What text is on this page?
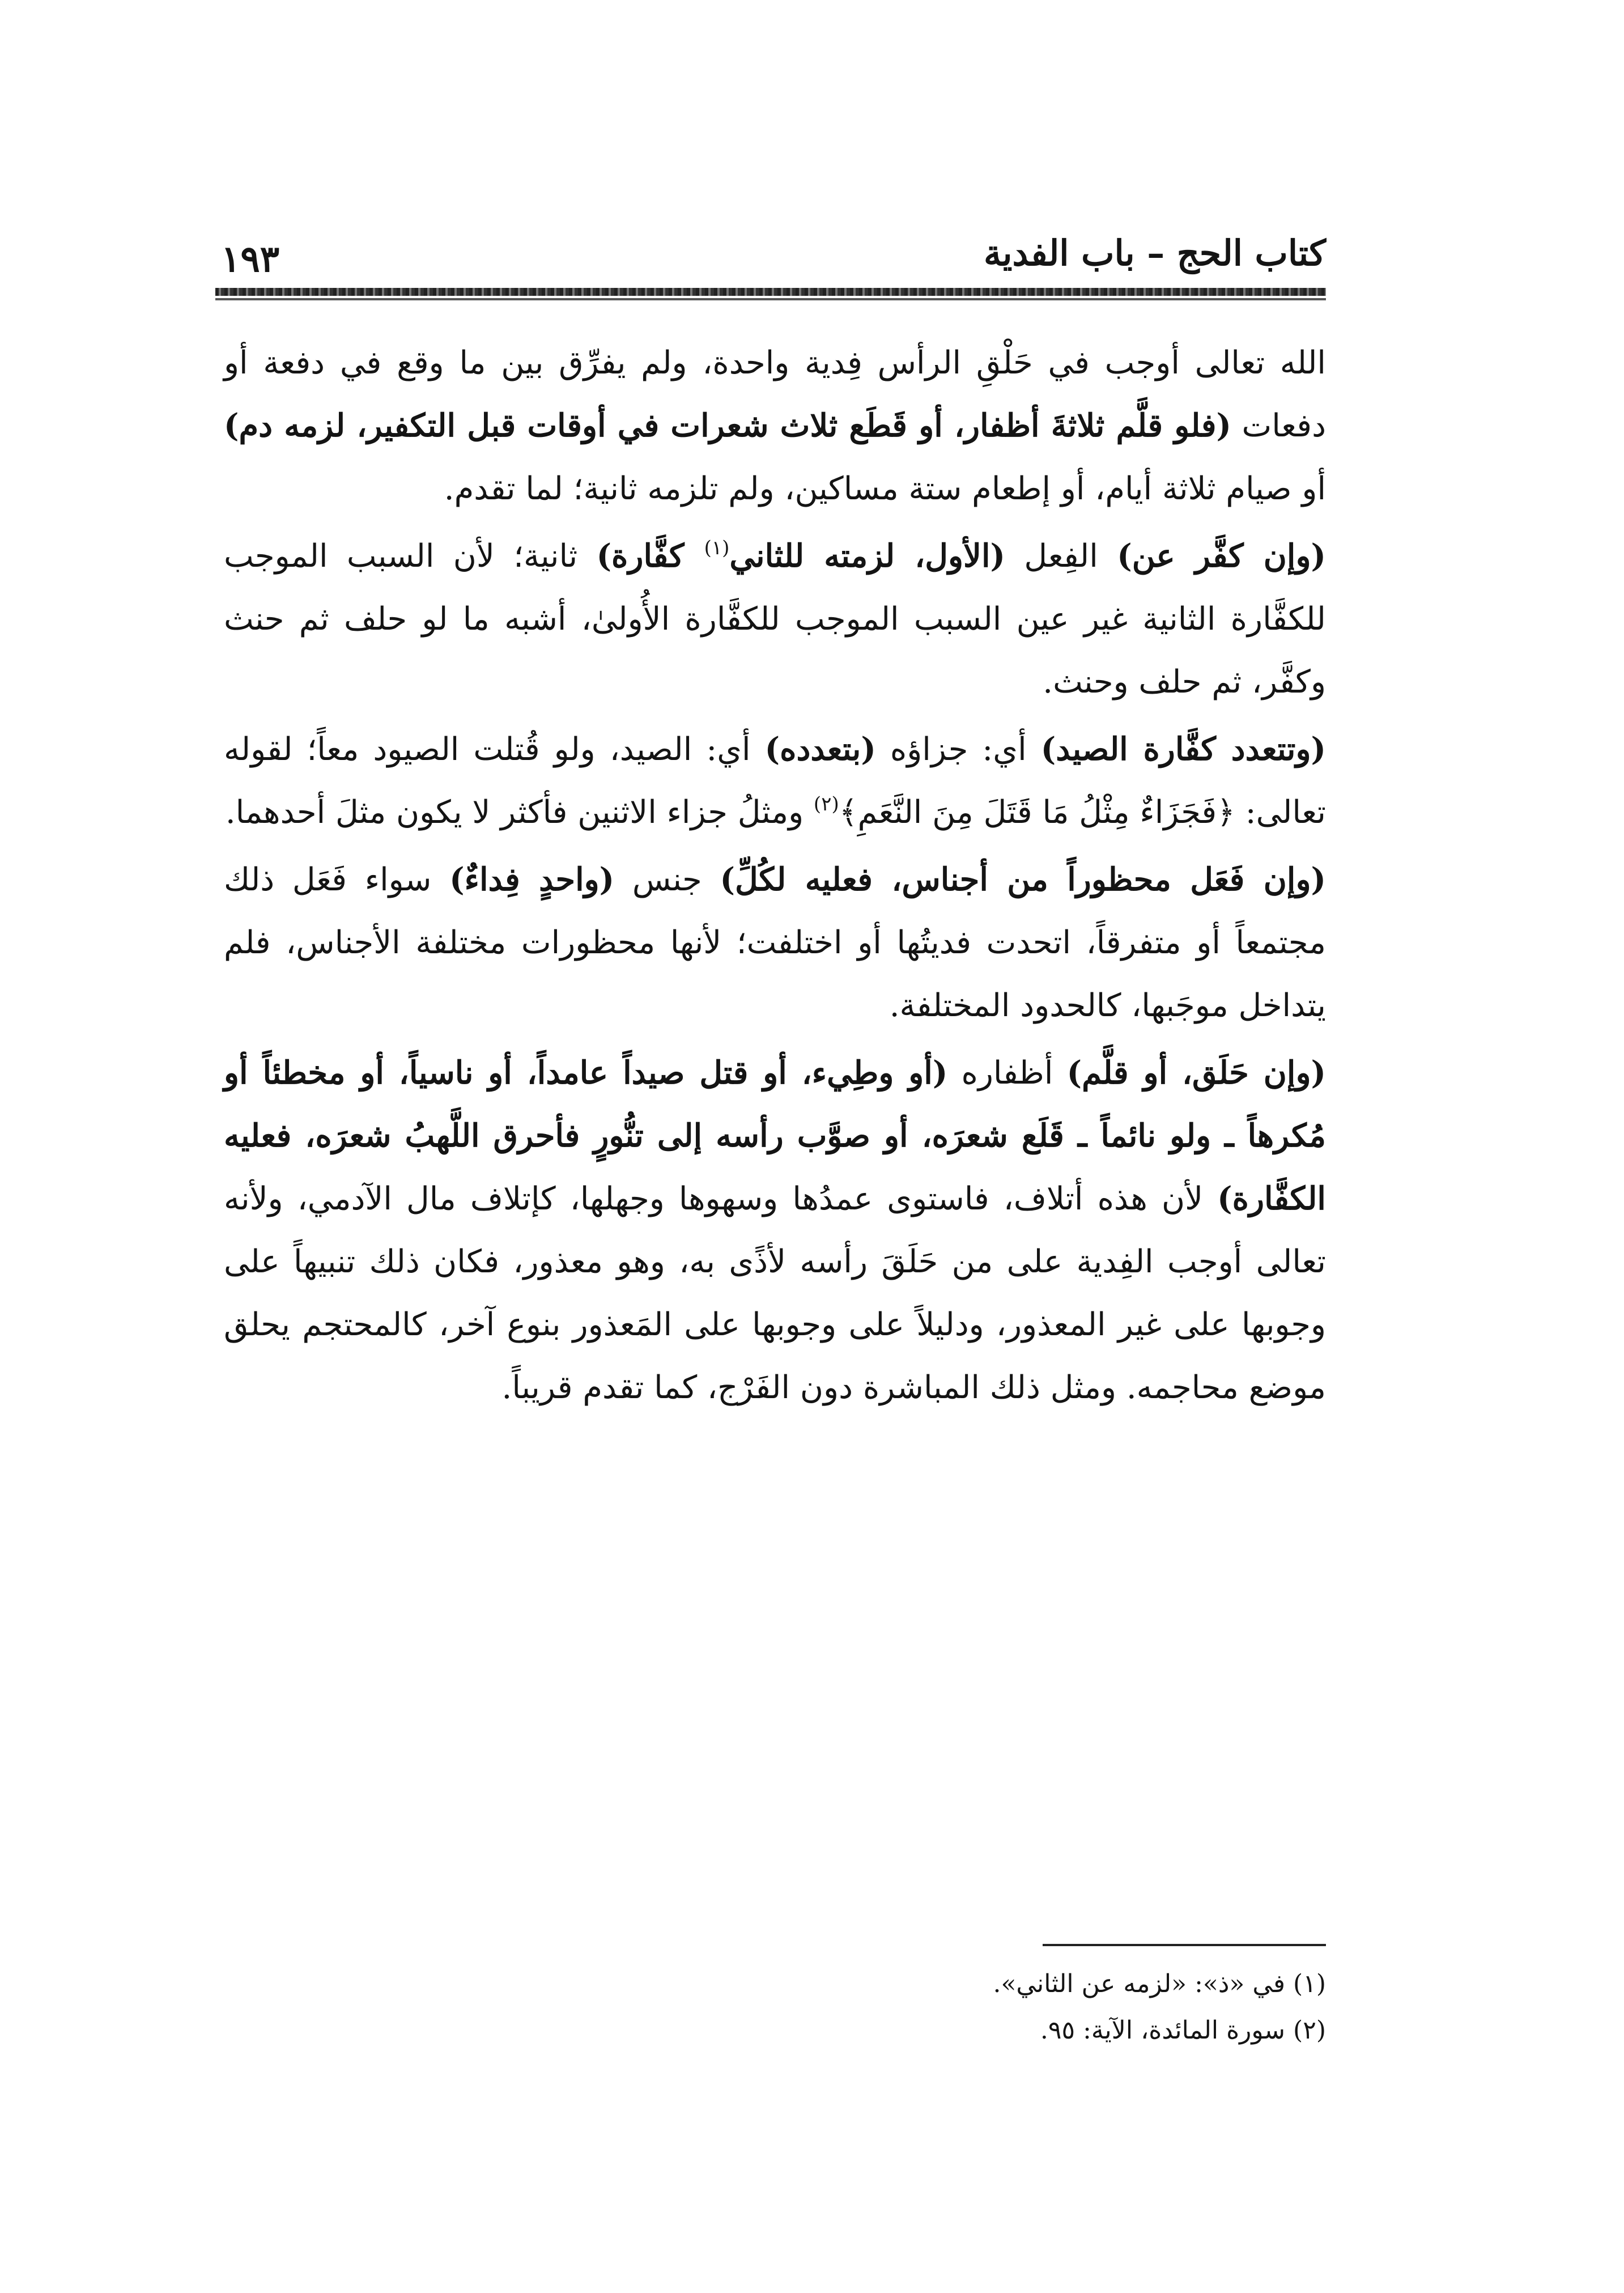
١٩٣	كتاب الحج – باب الفدية

الله تعالى أوجب في حَلْقِ الرأس فِدية واحدة، ولم يفرِّق بين ما وقع في دفعة أو دفعات (فلو قلَّم ثلاثةَ أظفار، أو قَطَع ثلاث شعرات في أوقات قبل التكفير، لزمه دم) أو صيام ثلاثة أيام، أو إطعام ستة مساكين، ولم تلزمه ثانية؛ لما تقدم.

(وإن كفَّر عن) الفِعل (الأول، لزمته للثاني$^{(١)}$ كفَّارة) ثانية؛ لأن السبب الموجب للكفَّارة الثانية غير عين السبب الموجب للكفَّارة الأُولىٰ، أشبه ما لو حلف ثم حنث وكفَّر، ثم حلف وحنث.

(وتتعدد كفَّارة الصيد) أي: جزاؤه (بتعدده) أي: الصيد، ولو قُتلت الصيود معاً؛ لقوله تعالى: ﴿فَجَزَاءٌ مِثْلُ مَا قَتَلَ مِنَ النَّعَمِ﴾$^{(٢)}$ ومثلُ جزاء الاثنين فأكثر لا يكون مثلَ أحدهما.

(وإن فَعَل محظوراً من أجناس، فعليه لكُلِّ) جنس (واحدٍ فِداءٌ) سواء فَعَل ذلك مجتمعاً أو متفرقاً، اتحدت فديتُها أو اختلفت؛ لأنها محظورات مختلفة الأجناس، فلم يتداخل موجَبها، كالحدود المختلفة.

(وإن حَلَق، أو قلَّم) أظفاره (أو وطِيء، أو قتل صيداً عامداً، أو ناسياً، أو مخطئاً أو مُكرهاً ـ ولو نائماً ـ قَلَع شعرَه، أو صوَّب رأسه إلى تنُّورٍ فأحرق اللَّهبُ شعرَه، فعليه الكفَّارة) لأن هذه أتلاف، فاستوى عمدُها وسهوها وجهلها، كإتلاف مال الآدمي، ولأنه تعالى أوجب الفِدية على من حَلَقَ رأسه لأذًى به، وهو معذور، فكان ذلك تنبيهاً على وجوبها على غير المعذور، ودليلاً على وجوبها على المَعذور بنوع آخر، كالمحتجم يحلق موضع محاجمه. ومثل ذلك المباشرة دون الفَرْج، كما تقدم قريباً.

(١) في «ذ»: «لزمه عن الثاني».

(٢) سورة المائدة، الآية: ٩٥.
